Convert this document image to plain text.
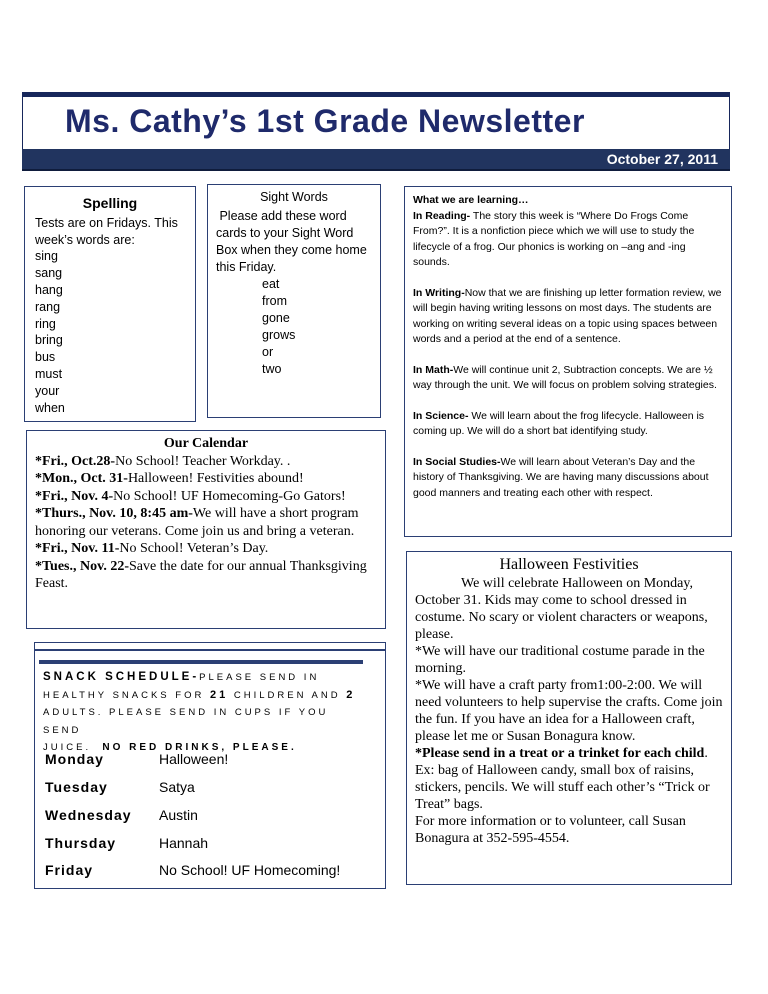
Ms. Cathy’s 1st Grade Newsletter
October 27, 2011
Spelling
Tests are on Fridays. This
week’s words are:
sing
sang
hang
rang
ring
bring
bus
must
your
when
Sight Words
Please add these word
cards to your Sight Word
Box when they come home
this Friday.
eat
from
gone
grows
or
two

What we are learning…

In Reading- The story this week is “Where Do Frogs Come From?”. It is a nonfiction piece which we will use to study the lifecycle of a frog. Our phonics is working on –ang and -ing sounds.

In Writing-Now that we are finishing up letter formation review, we will begin having writing lessons on most days. The students are working on writing several ideas on a topic using spaces between words and a period at the end of a sentence.

In Math-We will continue unit 2, Subtraction concepts. We are ½ way through the unit. We will focus on problem solving strategies.

In Science- We will learn about the frog lifecycle. Halloween is coming up. We will do a short bat identifying study.

In Social Studies-We will learn about Veteran’s Day and the history of Thanksgiving. We are having many discussions about good manners and treating each other with respect.

Our Calendar
*Fri., Oct.28-No School! Teacher Workday. .
*Mon., Oct. 31-Halloween! Festivities abound!
*Fri., Nov. 4-No School! UF Homecoming-Go Gators!
*Thurs., Nov. 10, 8:45 am-We will have a short program honoring our veterans. Come join us and bring a veteran.
*Fri., Nov. 11-No School! Veteran’s Day.
*Tues., Nov. 22-Save the date for our annual Thanksgiving Feast.
SNACK SCHEDULE-PLEASE SEND IN
HEALTHY SNACKS FOR 21 CHILDREN AND 2
ADULTS. PLEASE SEND IN CUPS IF YOU SEND
JUICE.  NO RED DRINKS, PLEASE.
Monday	Halloween!
Tuesday	Satya
Wednesday Austin
Thursday	Hannah
Friday	No School! UF Homecoming!
Halloween Festivities

We will celebrate Halloween on Monday, October 31. Kids may come to school dressed in costume. No scary or violent characters or weapons, please.

*We will have our traditional costume parade in the morning.

*We will have a craft party from1:00-2:00. We will need volunteers to help supervise the crafts. Come join the fun. If you have an idea for a Halloween craft, please let me or Susan Bonagura know.

*Please send in a treat or a trinket for each child. Ex: bag of Halloween candy, small box of raisins, stickers, pencils. We will stuff each other’s “Trick or Treat” bags.

For more information or to volunteer, call Susan Bonagura at 352-595-4554.
